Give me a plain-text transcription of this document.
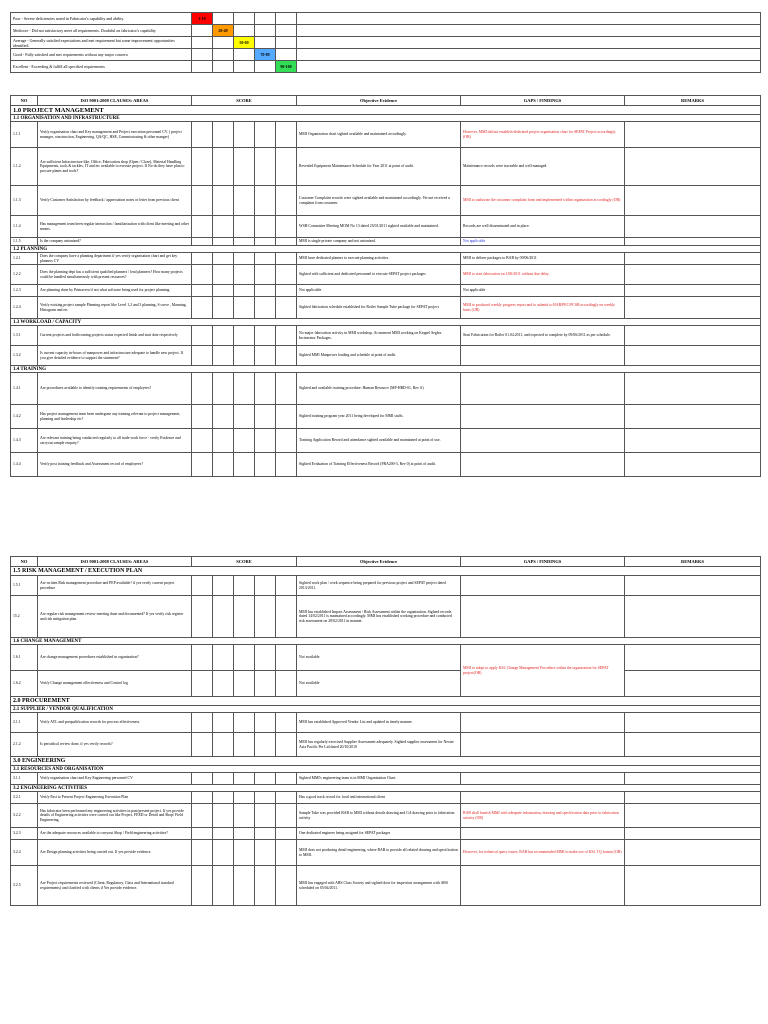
Poor - Severe deficiencies noted in Fabricator's capability and ability.	1-19					
Mediocre - Did not satisfactory meet all requirements. Doubtful on fabricator's capability		20-49				
Average - Generally satisfied expectations and met requirement but some improvement opportunities identified.			50-69			
Good - Fully satisfied and met requirements without any major concern				70-89		
Excellent - Exceeding & fulfill all specified requirements					90-100	
NO	ISO 9001:2008 CLAUSES: AREAS	SCORE					Objective Evidence	GAPS / FINDINGS	REMARKS
1.0 PROJECT MANAGEMENT									
1.1 ORGANISATION AND INFRASTRUCTURE									
1.1.1	Verify organisation chart and Key management and Project execution personnel CV. ( project manager, construction, Engineering, QA/QC, HSE, Commissioning & other manger)						MMI Organization chart sighted available and maintained accordingly.	However, MMI did not establish dedicated project organisation chart for SEPAT Project accordingly. (OB)	
1.1.2	Are sufficient Infrastructure like, Office, Fabrication shop (Open / Close), Material Handling Equipments, tools & tackles, IT and etc available to execute project. If No do they have plan to procure plants and tools?						Revealed Equipment Maintenance Schedule for Year 2011 at point of audit.	Maintenance records were traceable and well managed.	
1.1.3	Verify Customer Satisfaction by feedback / appreciation notes or letter from previous client						Customer Complaint records were sighted available and maintained accordingly. Yet not received a complaint from customer.	MMI to authorize the customer complaint form and implemented within organization accordingly (OB)	
1.1.4	Has management team been regular interaction / familiarization with client like meeting and other means.						WSH Committee Meeting MOM No 13 dated 25/01/2011 sighted available and maintained.	Records are well disseminated and in place.	
1.1.5	Is the company unionized?						MMI is single private company and not unionized.	Not applicable	
1.2 PLANNING									
1.2.1	Does the company have a planning department if yes verify organisation chart and get key planners CV						MMI have dedicated planner to execute planning activities	MMI to deliver packages to BAB by 09/06/2011	
1.2.2	Does the planning dept has a sufficient qualified planners / lead planners? How many projects could be handled simultaneously with present resources?						Sighted with sufficient and dedicated personnel to execute SEPAT project packages	MMI to start fabrication on 1/06/2011 without due delay.	
1.2.3	Are planning done by Primavera if not what software being used for project planning						Not applicable	Not applicable	
1.2.4	Verify existing project sample Planning report like Level 1,2 and 3 planning, S curve , Manning, Histogram and etc						Sighted fabrication schedule established for Boiler Sample Tube package for SEPAT project	MMI to produced weekly progress report and to submitt to BAB/PEC/PCSB accordingly on weekly basis (OB)	
1.3 WORKLOAD / CAPACITY									
1.3.1	Current projects and forthcoming projects status expected finish and start date respectively						No major fabrication activity in MMI workshop. At moment MMI working on Keppel Seghrs Incinerator Packages.	Start Fabrication for Boiler 01.04.2011, and expected to complete by 09/06/2011 as per schedule.	
1.3.2	Is current capacity in-hours of manpower and infrastructure adequate to handle new project. If you give detailed evidence to support the statement?						Sighted MMI Manpower loading and schedule at point of audit.		
1.4 TRAINING									
1.4.1	Are procedures available to identify training requirements of employees?						Sighted and available training procedure: Human Resource (MP-HRD-01, Rev A)		
1.4.2	Has project management team been undergone any training relevant to project management, planning and leadership etc?						Sighted training program year 2011 being developed for MMI staffs.		
1.4.3	Are relevant training being conducted regularly to all trade work force - verify Evidence and carryout sample enquiry?						Training Application Record and attendance sighted available and maintained at point of use.		
1.4.4	Verify post training feedback and Assessment record of employees?						Sighted Evaluation of Training Effectiveness Record (FRA200-3, Rev 0) at point of audit.		
NO	ISO 9001:2008 CLAUSES: AREAS	SCORE					Objective Evidence	GAPS / FINDINGS	REMARKS
1.5 RISK MANAGEMENT / EXECUTION PLAN									
1.5.1	Are written Risk management procedure and PEP available? if yes verify current project procedure						Sighted work plan / work sequence being prepared for previous project and SEPAT project dated 2013/2011.		
15.2	Are regular risk management review meeting done and documented? If yes verify risk register and risk mitigation plan.						MMI has established Impact Assessment / Risk Assessment within the organization. Sighted records dated 14/02/2011 is maintained accordingly. MMI has established working procedure and conducted risk assessment on 28/02/2011 in manner.		
1.6 CHANGE MANAGEMENT									
1.6.1	Are change management procedures established in organization?						Not available	MMI to adopt to apply KSL Change Management Procedure within the organization for SEPAT project(OB)	
1.6.2	Verify Change management effectiveness and Control log						Not available		
2.0 PROCUREMENT									
2.1 SUPPLIER / VENDOR QUALIFICATION									
2.1.1	Verify AVL and prequalification records for process effectiveness						MMI has established Approved Vendor List and updated in timely manner.		
2.1.2	Is periodical review done, if yes verify records?						MMI has regularly exercised Supplier Assessment adequately. Sighted supplier assessment for Nextec Asia Pacific Pte Ltd dated 20/10/2010		
3.0 ENGINEERING									
3.1 RESOURCES AND ORGANISATION									
3.1.1	Verify organisation chart and Key Engineering personnel CV						Sighted MMI's engineering team is in MMI Organization Chart.		
3.2 ENGINEERING ACTIVITIES									
3.2.1	Verify Past to Present Project Engineering Execution Plan						Has a good track record for local and international client		
3.2.2	Has fabricator been performed any engineering activities in past/present project. If yes provide details of Engineering activities were carried out like Project, FEED or Detail and Shop/ Field Engineering.						Sample Tube was provided BAB to MMI without details drawing and GA drawing prior to fabrication activity	BAB shall furnish MMI with adequate information, drawing and specification data prior to fabrication activity (OB)	
3.2.3	Are the adequate resources available to carryout Shop / Field engineering activities?						One dedicated engineer being assigned for SEPAT packages		
3.2.4	Are Design planning activities being carried out. If yes provide evidence.						MMI does not producing detail engineering, where BAB to provide all related drawing and specification to MMI.	However, for technical query issues, BAB has recommended MMI to make use of KSL TQ format (OB)	
3.2.5	Are Project requirements reviewed (Client, Regulatory, Class and International standard requirements) and clarified with clients if Yes provide evidence.						MMI has engaged with ABS Class Society and sighted dose for inspection arrangement with ABS scheduled on 05/04/2011.		
